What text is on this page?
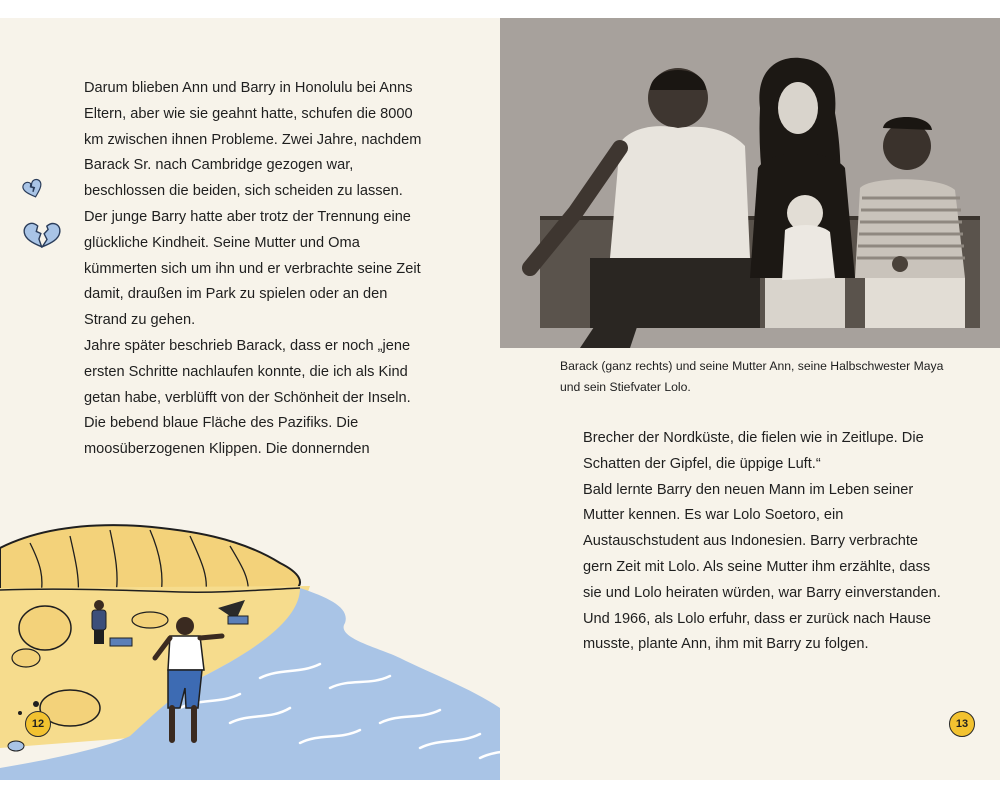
Darum blieben Ann und Barry in Honolulu bei Anns Eltern, aber wie sie geahnt hatte, schufen die 8000 km zwischen ihnen Probleme. Zwei Jahre, nachdem Barack Sr. nach Cambridge gezogen war, beschlossen die beiden, sich scheiden zu lassen.

Der junge Barry hatte aber trotz der Trennung eine glückliche Kindheit. Seine Mutter und Oma kümmerten sich um ihn und er verbrachte seine Zeit damit, draußen im Park zu spielen oder an den Strand zu gehen.

Jahre später beschrieb Barack, dass er noch „jene ersten Schritte nachlaufen konnte, die ich als Kind getan habe, verblüfft von der Schönheit der Inseln. Die bebend blaue Fläche des Pazifiks. Die moosüberzogenen Klippen. Die donnernden

12
Barack (ganz rechts) und seine Mutter Ann, seine Halbschwester Maya und sein Stiefvater Lolo.

Brecher der Nordküste, die fielen wie in Zeitlupe. Die Schatten der Gipfel, die üppige Luft.“

Bald lernte Barry den neuen Mann im Leben seiner Mutter kennen. Es war Lolo Soetoro, ein Austauschstudent aus Indonesien. Barry verbrachte gern Zeit mit Lolo. Als seine Mutter ihm erzählte, dass sie und Lolo heiraten würden, war Barry einverstanden.

Und 1966, als Lolo erfuhr, dass er zurück nach Hause musste, plante Ann, ihm mit Barry zu folgen.

13
